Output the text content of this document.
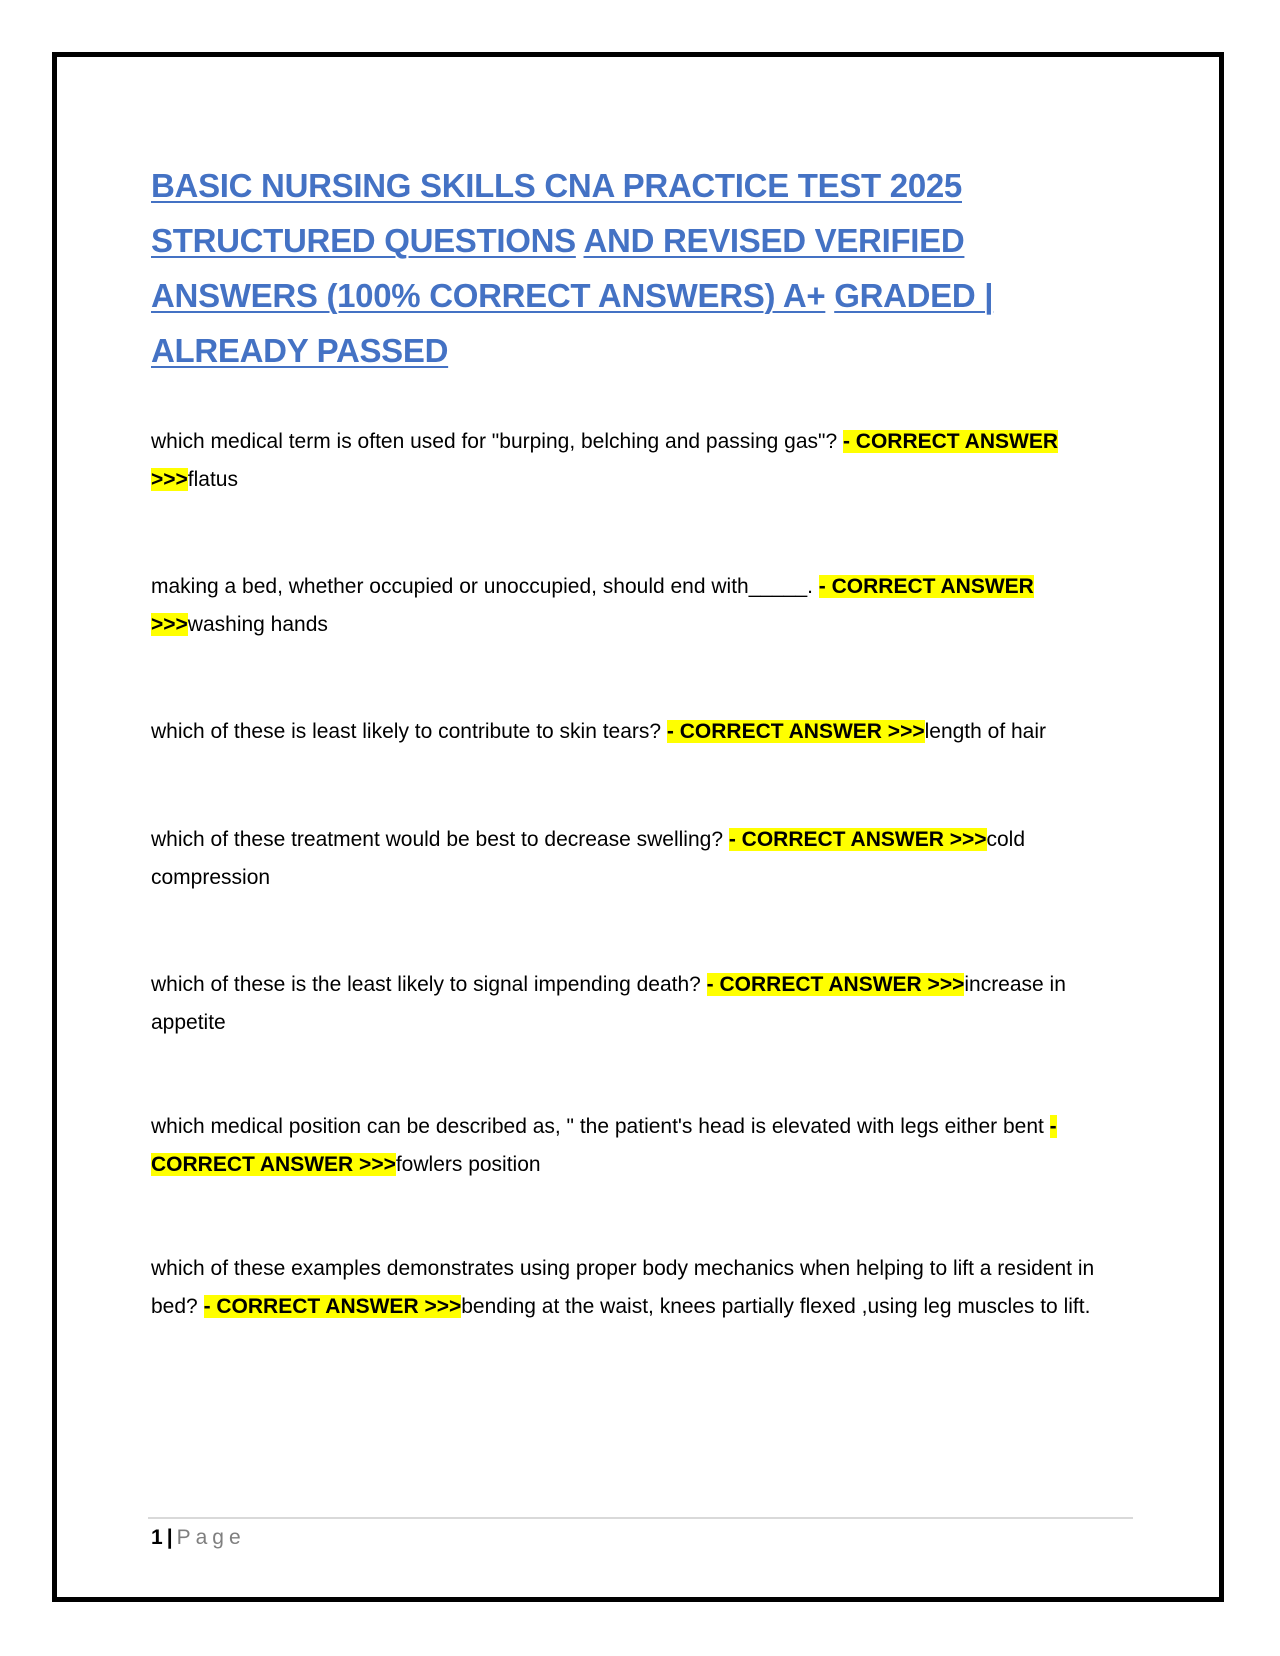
BASIC NURSING SKILLS CNA PRACTICE TEST 2025 STRUCTURED QUESTIONS AND REVISED VERIFIED ANSWERS (100% CORRECT ANSWERS) A+ GRADED | ALREADY PASSED

which medical term is often used for "burping, belching and passing gas"? - CORRECT ANSWER >>>flatus

making a bed, whether occupied or unoccupied, should end with_____. - CORRECT ANSWER >>>washing hands

which of these is least likely to contribute to skin tears? - CORRECT ANSWER >>>length of hair

which of these treatment would be best to decrease swelling? - CORRECT ANSWER >>>cold compression

which of these is the least likely to signal impending death? - CORRECT ANSWER >>>increase in appetite

which medical position can be described as, " the patient's head is elevated with legs either bent - CORRECT ANSWER >>>fowlers position

which of these examples demonstrates using proper body mechanics when helping to lift a resident in bed? - CORRECT ANSWER >>>bending at the waist, knees partially flexed ,using leg muscles to lift.

1 | Page
